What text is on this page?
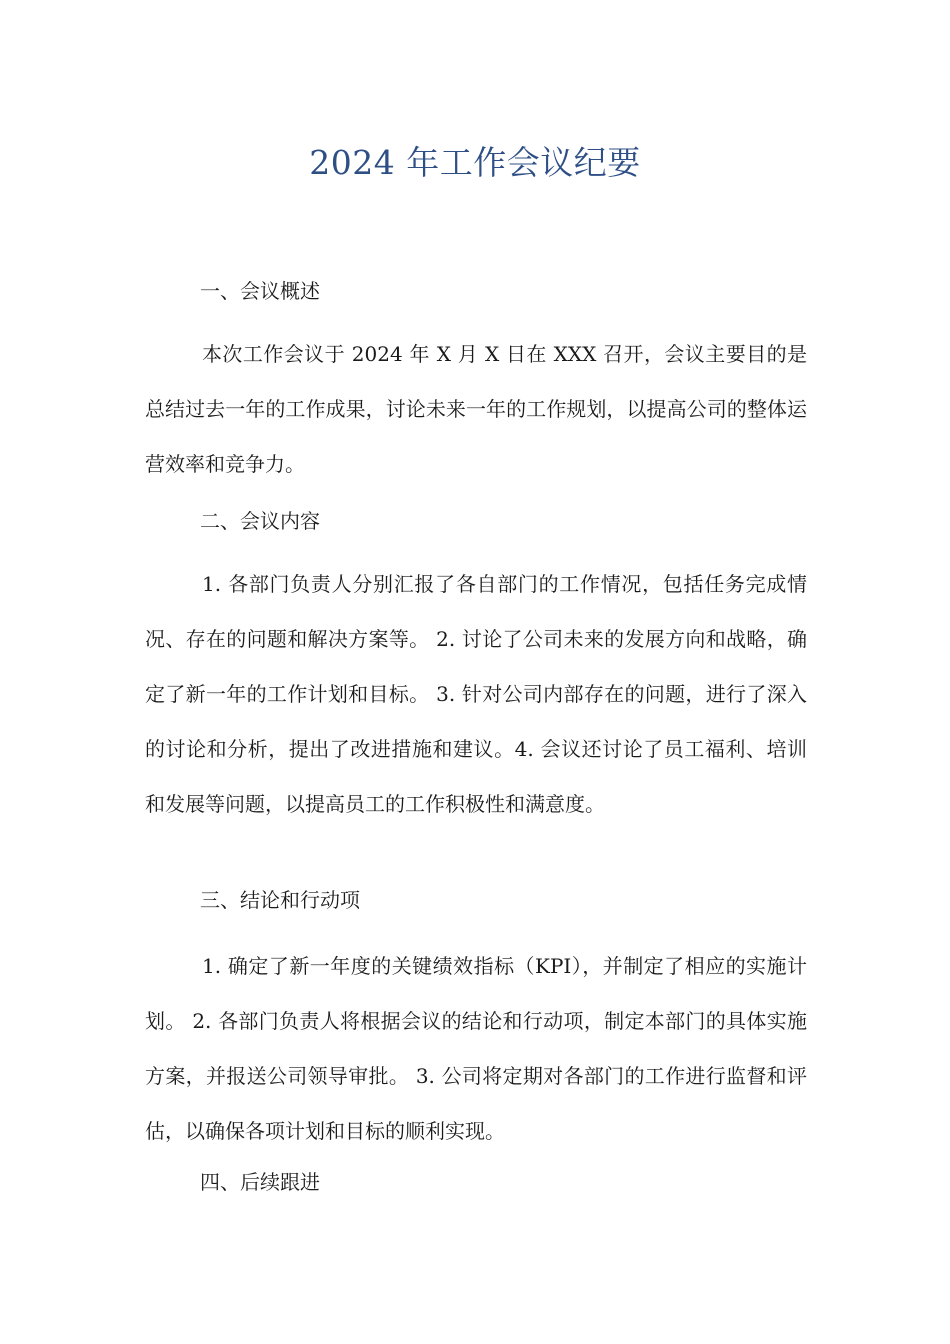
2024 年工作会议纪要
一、会议概述

本次工作会议于 2024 年 X 月 X 日在 XXX 召开，会议主要目的是总结过去一年的工作成果，讨论未来一年的工作规划，以提高公司的整体运营效率和竞争力。

二、会议内容

1. 各部门负责人分别汇报了各自部门的工作情况，包括任务完成情况、存在的问题和解决方案等。 2. 讨论了公司未来的发展方向和战略，确定了新一年的工作计划和目标。 3. 针对公司内部存在的问题，进行了深入的讨论和分析，提出了改进措施和建议。4. 会议还讨论了员工福利、培训和发展等问题，以提高员工的工作积极性和满意度。

三、结论和行动项

1. 确定了新一年度的关键绩效指标（KPI），并制定了相应的实施计划。 2. 各部门负责人将根据会议的结论和行动项，制定本部门的具体实施方案，并报送公司领导审批。 3. 公司将定期对各部门的工作进行监督和评估，以确保各项计划和目标的顺利实现。

四、后续跟进
